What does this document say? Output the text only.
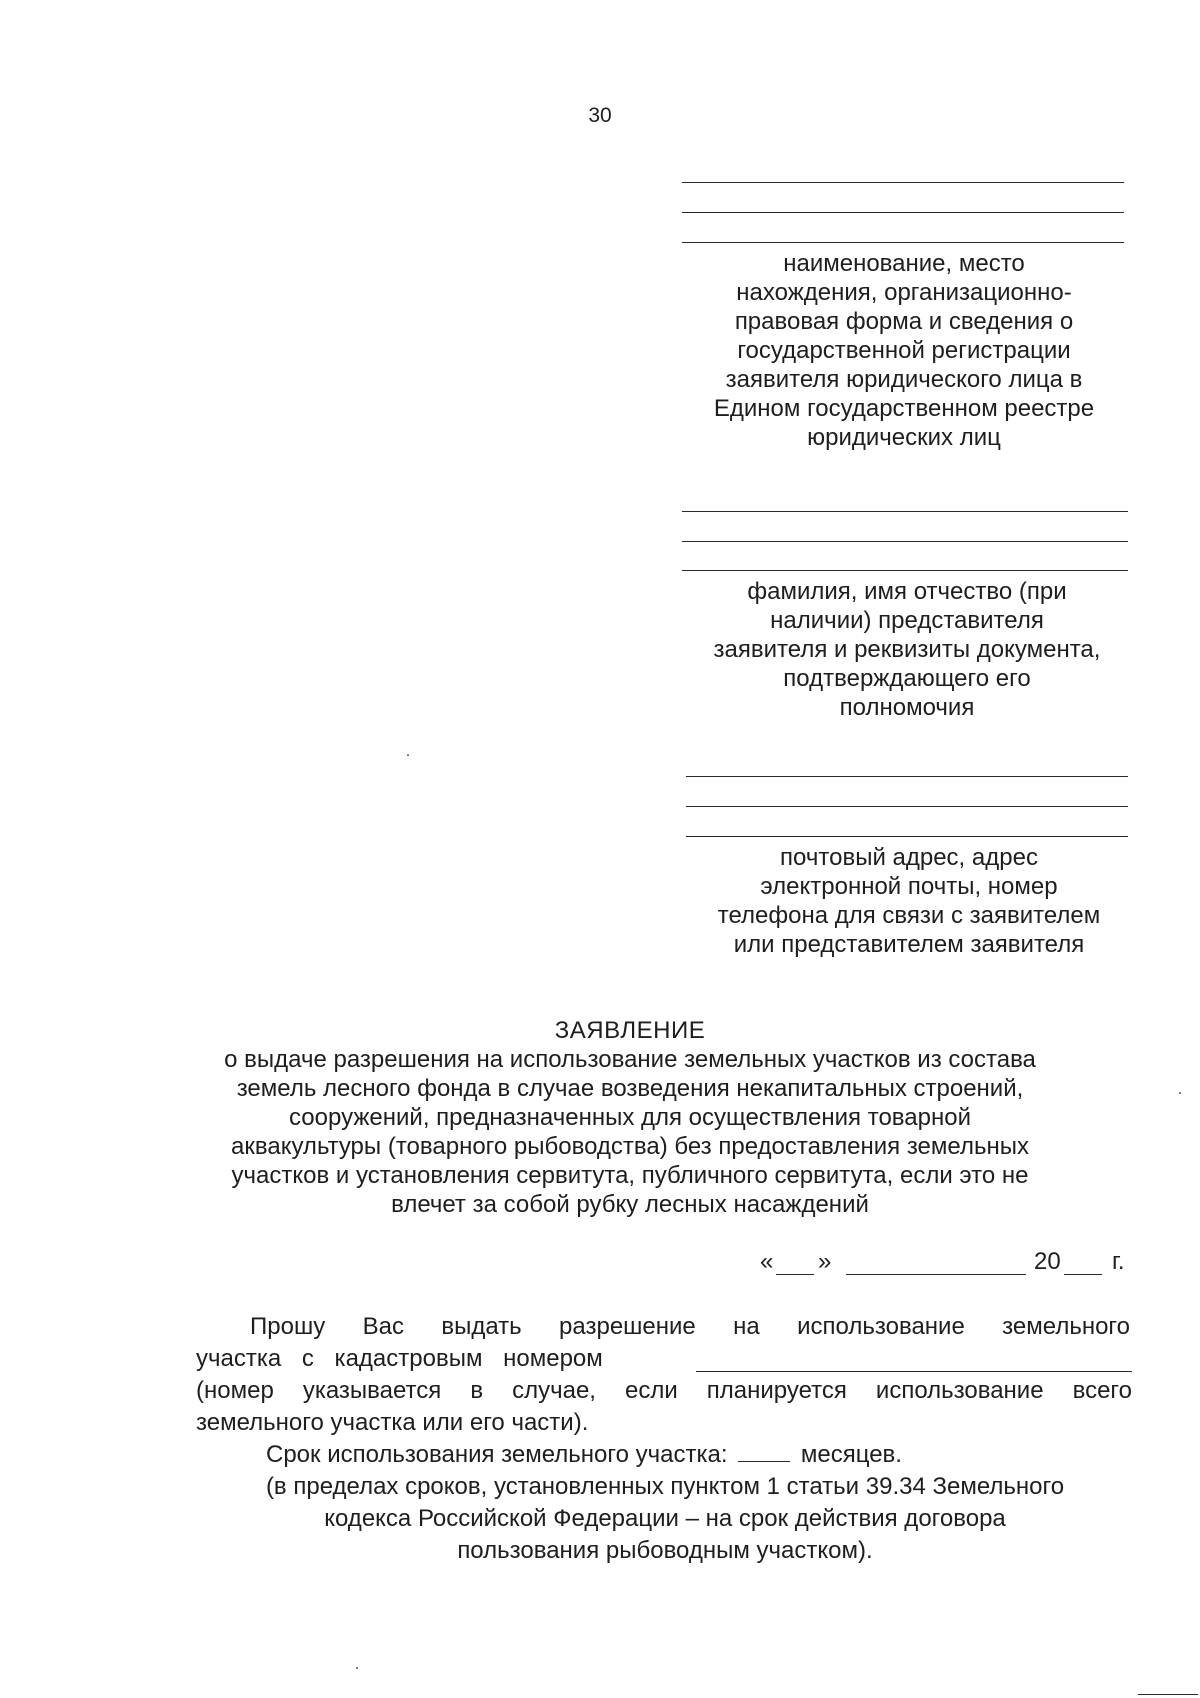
30
наименование, место
нахождения, организационно-
правовая форма и сведения о
государственной регистрации
заявителя юридического лица в
Едином государственном реестре
юридических лиц
фамилия, имя отчество (при
наличии) представителя
заявителя и реквизиты документа,
подтверждающего его
полномочия
почтовый адрес, адрес
электронной почты, номер
телефона для связи с заявителем
или представителем заявителя
ЗАЯВЛЕНИЕ
о выдаче разрешения на использование земельных участков из состава
земель лесного фонда в случае возведения некапитальных строений,
сооружений, предназначенных для осуществления товарной
аквакультуры (товарного рыбоводства) без предоставления земельных
участков и установления сервитута, публичного сервитута, если это не
влечет за собой рубку лесных насаждений
« »	20 г.
Прошу Вас выдать разрешение на использование земельного
участка с кадастровым номером
(номер указывается в случае, если планируется использование всего
земельного участка или его части).
Срок использования земельного участка:	месяцев.
(в пределах сроков, установленных пунктом 1 статьи 39.34 Земельного
кодекса Российской Федерации – на срок действия договора
пользования рыбоводным участком).
